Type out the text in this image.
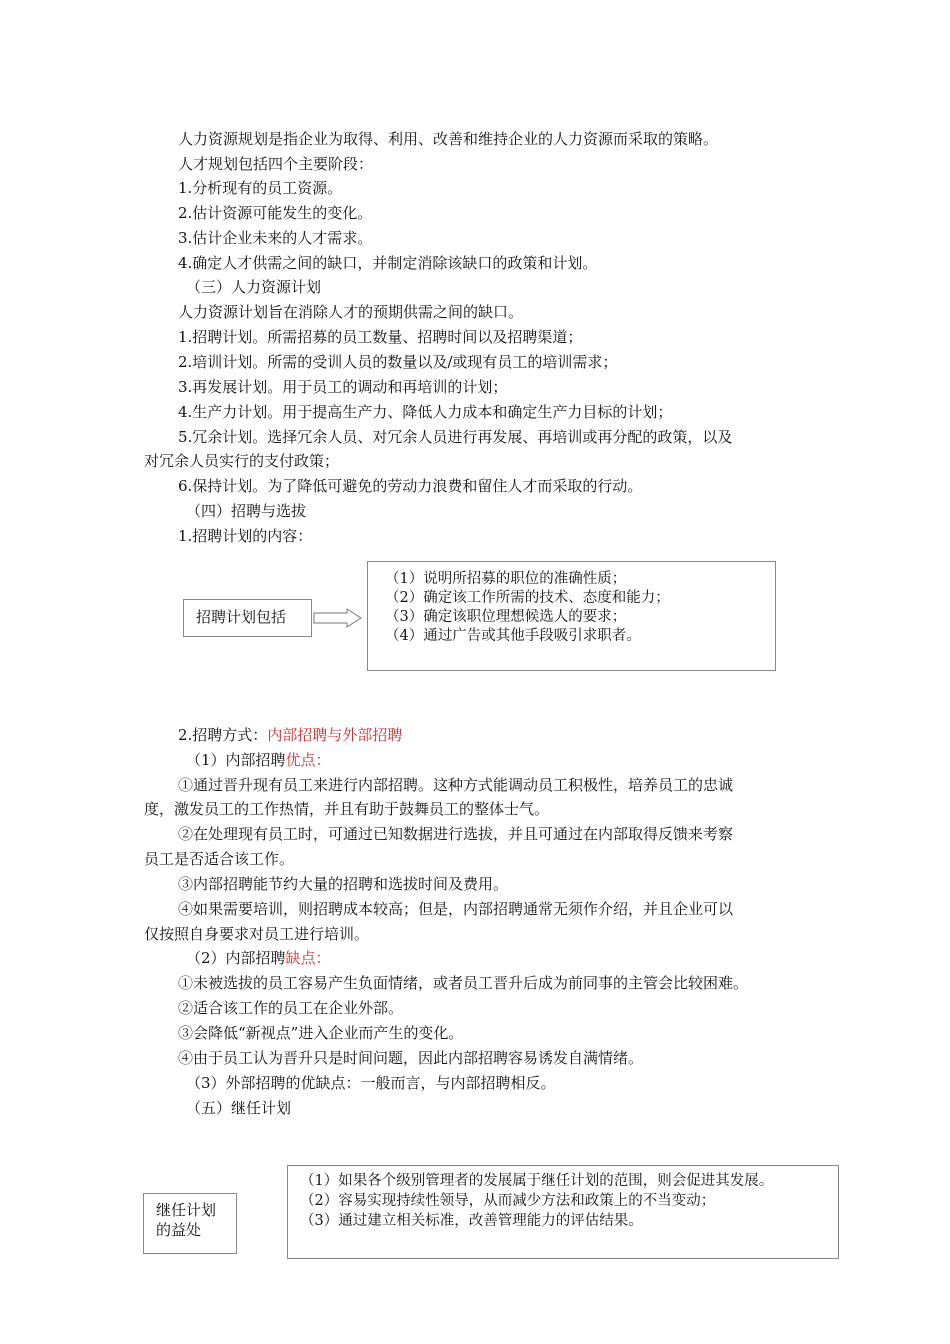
人力资源规划是指企业为取得、利用、改善和维持企业的人力资源而采取的策略。
人才规划包括四个主要阶段：
1.分析现有的员工资源。
2.估计资源可能发生的变化。
3.估计企业未来的人才需求。
4.确定人才供需之间的缺口，并制定消除该缺口的政策和计划。
（三）人力资源计划
人力资源计划旨在消除人才的预期供需之间的缺口。
1.招聘计划。所需招募的员工数量、招聘时间以及招聘渠道；
2.培训计划。所需的受训人员的数量以及/或现有员工的培训需求；
3.再发展计划。用于员工的调动和再培训的计划；
4.生产力计划。用于提高生产力、降低人力成本和确定生产力目标的计划；
5.冗余计划。选择冗余人员、对冗余人员进行再发展、再培训或再分配的政策，以及
对冗余人员实行的支付政策；
6.保持计划。为了降低可避免的劳动力浪费和留住人才而采取的行动。
（四）招聘与选拔
1.招聘计划的内容：
招聘计划包括
（1）说明所招募的职位的准确性质；
（2）确定该工作所需的技术、态度和能力；
（3）确定该职位理想候选人的要求；
（4）通过广告或其他手段吸引求职者。
2.招聘方式：内部招聘与外部招聘
（1）内部招聘优点：
①通过晋升现有员工来进行内部招聘。这种方式能调动员工积极性，培养员工的忠诚
度，激发员工的工作热情，并且有助于鼓舞员工的整体士气。
②在处理现有员工时，可通过已知数据进行选拔，并且可通过在内部取得反馈来考察
员工是否适合该工作。
③内部招聘能节约大量的招聘和选拔时间及费用。
④如果需要培训，则招聘成本较高；但是，内部招聘通常无须作介绍，并且企业可以
仅按照自身要求对员工进行培训。
（2）内部招聘缺点：
①未被选拔的员工容易产生负面情绪，或者员工晋升后成为前同事的主管会比较困难。
②适合该工作的员工在企业外部。
③会降低“新视点”进入企业而产生的变化。
④由于员工认为晋升只是时间问题，因此内部招聘容易诱发自满情绪。
（3）外部招聘的优缺点：一般而言，与内部招聘相反。
（五）继任计划
继任计划
的益处
（1）如果各个级别管理者的发展属于继任计划的范围，则会促进其发展。
（2）容易实现持续性领导，从而减少方法和政策上的不当变动；
（3）通过建立相关标准，改善管理能力的评估结果。
